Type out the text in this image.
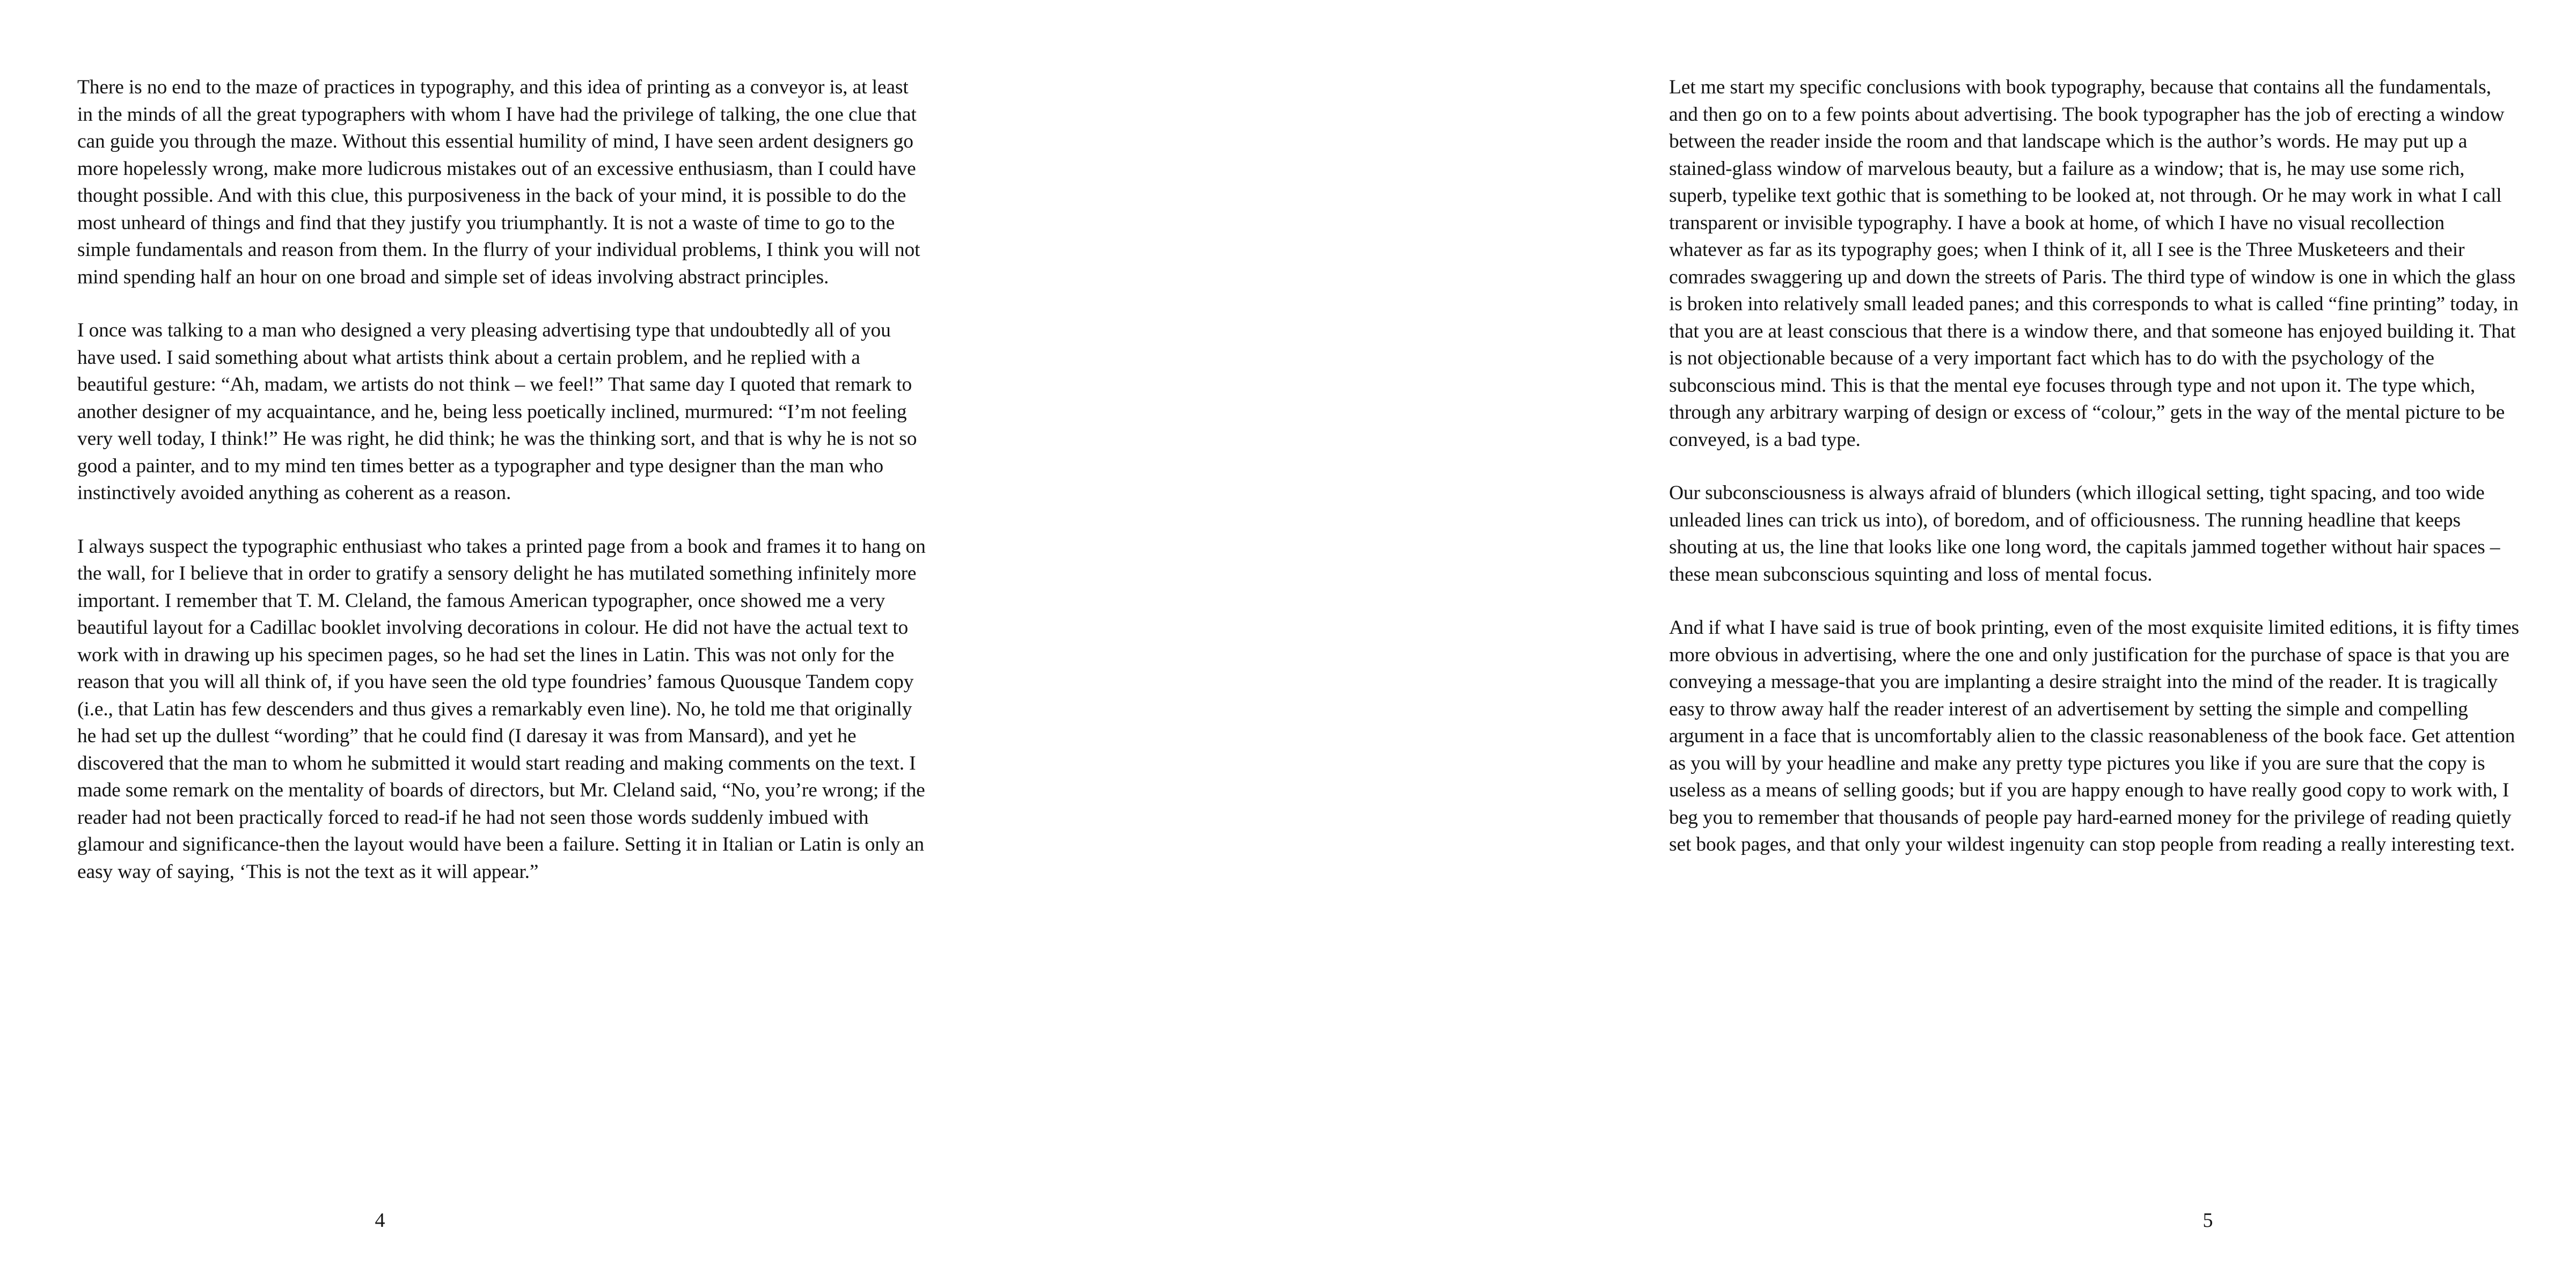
There is no end to the maze of practices in typography, and this idea of printing as a conveyor is, at least in the minds of all the great typographers with whom I have had the privilege of talking, the one clue that can guide you through the maze. Without this essential humility of mind, I have seen ardent designers go more hopelessly wrong, make more ludicrous mistakes out of an excessive enthusiasm, than I could have thought possible. And with this clue, this purposiveness in the back of your mind, it is possible to do the most unheard of things and find that they justify you triumphantly. It is not a waste of time to go to the simple fundamentals and reason from them. In the flurry of your individual problems, I think you will not mind spending half an hour on one broad and simple set of ideas involving abstract principles.

I once was talking to a man who designed a very pleasing advertising type that undoubtedly all of you have used. I said something about what artists think about a certain problem, and he replied with a beautiful gesture: “Ah, madam, we artists do not think – we feel!” That same day I quoted that remark to another designer of my acquaintance, and he, being less poetically inclined, murmured: “I’m not feeling very well today, I think!” He was right, he did think; he was the thinking sort, and that is why he is not so good a painter, and to my mind ten times better as a typographer and type designer than the man who instinctively avoided anything as coherent as a reason.

I always suspect the typographic enthusiast who takes a printed page from a book and frames it to hang on the wall, for I believe that in order to gratify a sensory delight he has mutilated something infinitely more important. I remember that T. M. Cleland, the famous American typographer, once showed me a very beautiful layout for a Cadillac booklet involving decorations in colour. He did not have the actual text to work with in drawing up his specimen pages, so he had set the lines in Latin. This was not only for the reason that you will all think of, if you have seen the old type foundries’ famous Quousque Tandem copy (i.e., that Latin has few descenders and thus gives a remarkably even line). No, he told me that originally he had set up the dullest “wording” that he could find (I daresay it was from Mansard), and yet he discovered that the man to whom he submitted it would start reading and making comments on the text. I made some remark on the mentality of boards of directors, but Mr. Cleland said, “No, you’re wrong; if the reader had not been practically forced to read-if he had not seen those words suddenly imbued with glamour and significance-then the layout would have been a failure. Setting it in Italian or Latin is only an easy way of saying, ‘This is not the text as it will appear.”

4

Let me start my specific conclusions with book typography, because that contains all the fundamentals, and then go on to a few points about advertising. The book typographer has the job of erecting a window between the reader inside the room and that landscape which is the author’s words. He may put up a stained-glass window of marvelous beauty, but a failure as a window; that is, he may use some rich, superb, typelike text gothic that is something to be looked at, not through. Or he may work in what I call transparent or invisible typography. I have a book at home, of which I have no visual recollection whatever as far as its typography goes; when I think of it, all I see is the Three Musketeers and their comrades swaggering up and down the streets of Paris. The third type of window is one in which the glass is broken into relatively small leaded panes; and this corresponds to what is called “fine printing” today, in that you are at least conscious that there is a window there, and that someone has enjoyed building it. That is not objectionable because of a very important fact which has to do with the psychology of the subconscious mind. This is that the mental eye focuses through type and not upon it. The type which, through any arbitrary warping of design or excess of “colour,” gets in the way of the mental picture to be conveyed, is a bad type.

Our subconsciousness is always afraid of blunders (which illogical setting, tight spacing, and too wide unleaded lines can trick us into), of boredom, and of officiousness. The running headline that keeps shouting at us, the line that looks like one long word, the capitals jammed together without hair spaces – these mean subconscious squinting and loss of mental focus.

And if what I have said is true of book printing, even of the most exquisite limited editions, it is fifty times more obvious in advertising, where the one and only justification for the purchase of space is that you are conveying a message-that you are implanting a desire straight into the mind of the reader. It is tragically easy to throw away half the reader interest of an advertisement by setting the simple and compelling argument in a face that is uncomfortably alien to the classic reasonableness of the book face. Get attention as you will by your headline and make any pretty type pictures you like if you are sure that the copy is useless as a means of selling goods; but if you are happy enough to have really good copy to work with, I beg you to remember that thousands of people pay hard-earned money for the privilege of reading quietly set book pages, and that only your wildest ingenuity can stop people from reading a really interesting text.

5
